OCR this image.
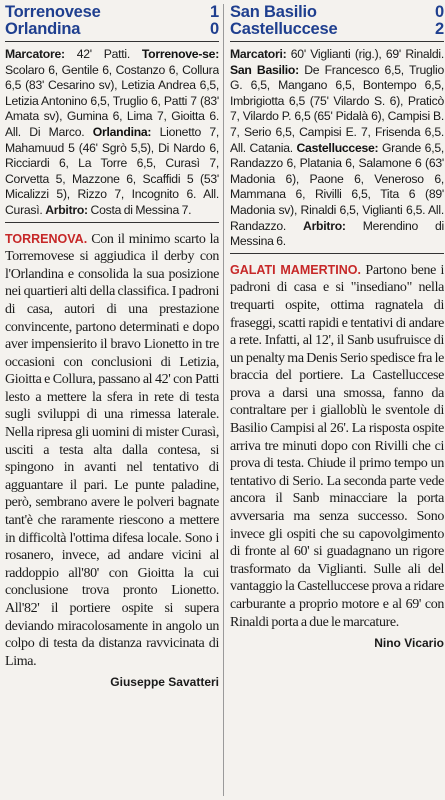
Torrenovese	1
Orlandina	0
Marcatore: 42' Patti. Torrenove-se: Scolaro 6, Gentile 6, Costanzo 6, Collura 6,5 (83' Cesarino sv), Letizia Andrea 6,5, Letizia Antonino 6,5, Truglio 6, Patti 7 (83' Amata sv), Gumina 6, Lima 7, Gioitta 6. All. Di Marco. Orlandina: Lionetto 7, Mahamuud 5 (46' Sgrò 5,5), Di Nardo 6, Ricciardi 6, La Torre 6,5, Curasì 7, Corvetta 5, Mazzone 6, Scaffidi 5 (53' Micalizzi 5), Rizzo 7, Incognito 6. All. Curasì. Arbitro: Costa di Messina 7.
TORRENOVA. Con il minimo scarto la Torremovese si aggiudica il derby con l'Orlandina e consolida la sua posizione nei quartieri alti della classifica. I padroni di casa, autori di una prestazione convincente, partono determinati e dopo aver impensierito il bravo Lionetto in tre occasioni con conclusioni di Letizia, Gioitta e Collura, passano al 42' con Patti lesto a mettere la sfera in rete di testa sugli sviluppi di una rimessa laterale. Nella ripresa gli uomini di mister Curasì, usciti a testa alta dalla contesa, si spingono in avanti nel tentativo di agguantare il pari. Le punte paladine, però, sembrano avere le polveri bagnate tant'è che raramente riescono a mettere in difficoltà l'ottima difesa locale. Sono i rosanero, invece, ad andare vicini al raddoppio all'80' con Gioitta la cui conclusione trova pronto Lionetto. All'82' il portiere ospite si supera deviando miracolosamente in angolo un colpo di testa da distanza ravvicinata di Lima.
Giuseppe Savatteri
San Basilio	0
Castelluccese	2
Marcatori: 60' Viglianti (rig.), 69' Rinaldi. San Basilio: De Francesco 6,5, Truglio G. 6,5, Mangano 6,5, Bontempo 6,5, Imbrigiotta 6,5 (75' Vilardo S. 6), Praticò 7, Vilardo P. 6,5 (65' Pidalà 6), Campisi B. 7, Serio 6,5, Campisi E. 7, Frisenda 6,5. All. Catania. Castelluccese: Grande 6,5, Randazzo 6, Platania 6, Salamone 6 (63' Madonia 6), Paone 6, Veneroso 6, Mammana 6, Rivilli 6,5, Tita 6 (89' Madonia sv), Rinaldi 6,5, Viglianti 6,5. All. Randazzo. Arbitro: Merendino di Messina 6.
GALATI MAMERTINO. Partono bene i padroni di casa e si "insediano" nella trequarti ospite, ottima ragnatela di fraseggi, scatti rapidi e tentativi di andare a rete. Infatti, al 12', il Sanb usufruisce di un penalty ma Denis Serio spedisce fra le braccia del portiere. La Castelluccese prova a darsi una smossa, fanno da contraltare per i gialloblù le sventole di Basilio Campisi al 26'. La risposta ospite arriva tre minuti dopo con Rivilli che ci prova di testa. Chiude il primo tempo un tentativo di Serio. La seconda parte vede ancora il Sanb minacciare la porta avversaria ma senza successo. Sono invece gli ospiti che su capovolgimento di fronte al 60' si guadagnano un rigore trasformato da Viglianti. Sulle ali del vantaggio la Castelluccese prova a ridare carburante a proprio motore e al 69' con Rinaldi porta a due le marcature.
Nino Vicario
